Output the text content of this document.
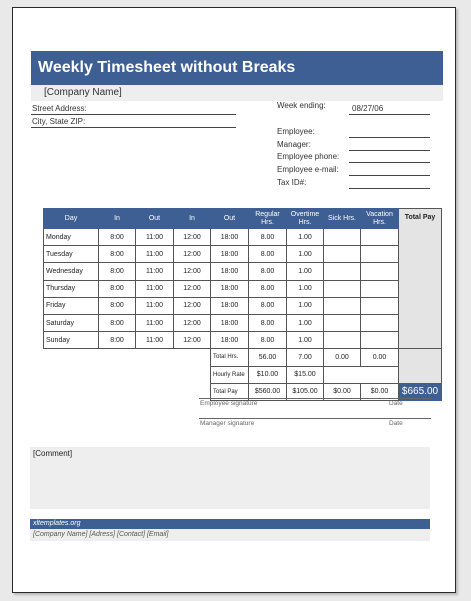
Weekly Timesheet without Breaks
[Company Name]
Street Address:
City, State ZIP:
Week ending:	08/27/06
Employee:
Manager:
Employee phone:
Employee e-mail:
Tax ID#:
Day	In	Out	In	Out	Regular Hrs.	Overtime Hrs.	Sick Hrs.	Vacation Hrs.	Total Pay
Monday	8:00	11:00	12:00	18:00	8.00	1.00			
Tuesday	8:00	11:00	12:00	18:00	8.00	1.00			
Wednesday	8:00	11:00	12:00	18:00	8.00	1.00			
Thursday	8:00	11:00	12:00	18:00	8.00	1.00			
Friday	8:00	11:00	12:00	18:00	8.00	1.00			
Saturday	8:00	11:00	12:00	18:00	8.00	1.00			
Sunday	8:00	11:00	12:00	18:00	8.00	1.00			
				Total Hrs.	56.00	7.00	0.00	0.00	
				Hourly Rate	$10.00	$15.00			
				Total Pay	$560.00	$105.00	$0.00	$0.00	$665.00
Employee signature	Date
Manager signature	Date
[Comment]
xltemplates.org
[Company Name] [Adress] [Contact] [Email]
